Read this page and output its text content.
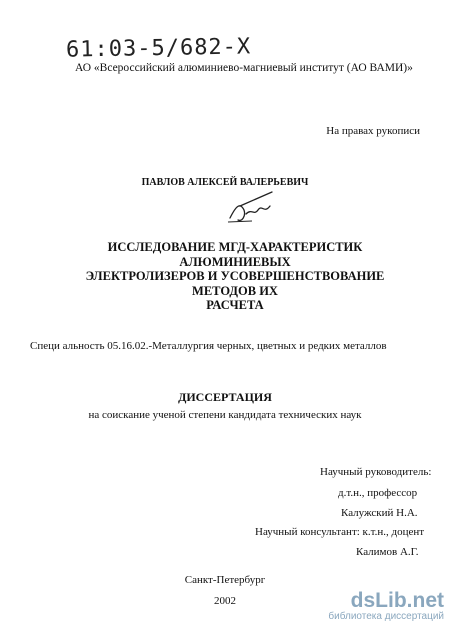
61:03-5/682-X
АО «Всероссийский алюминиево-магниевый институт (АО ВАМИ)»
На правах рукописи
ПАВЛОВ АЛЕКСЕЙ ВАЛЕРЬЕВИЧ
ИССЛЕДОВАНИЕ МГД-ХАРАКТЕРИСТИК АЛЮМИНИЕВЫХ
ЭЛЕКТРОЛИЗЕРОВ И УСОВЕРШЕНСТВОВАНИЕ МЕТОДОВ ИХ
РАСЧЕТА
Специ альность 05.16.02.-Металлургия черных, цветных и редких металлов
ДИССЕРТАЦИЯ
на соискание ученой степени кандидата технических наук
Научный руководитель:
д.т.н., профессор
Калужский Н.А.
Научный консультант: к.т.н., доцент
Калимов А.Г.
Санкт-Петербург
2002	dsLib.net
библиотека диссертаций
